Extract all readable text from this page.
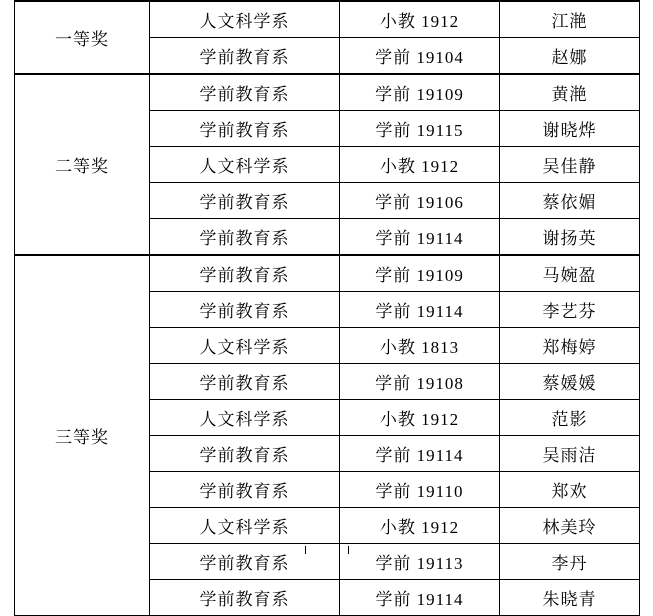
一等奖	人文科学系	小教 1912	江滟
	学前教育系	学前 19104	赵娜
二等奖	学前教育系	学前 19109	黄滟
	学前教育系	学前 19115	谢晓烨
	人文科学系	小教 1912	吴佳静
	学前教育系	学前 19106	蔡依媚
	学前教育系	学前 19114	谢扬英
三等奖	学前教育系	学前 19109	马婉盈
	学前教育系	学前 19114	李艺芬
	人文科学系	小教 1813	郑梅婷
	学前教育系	学前 19108	蔡媛媛
	人文科学系	小教 1912	范影
	学前教育系	学前 19114	吴雨洁
	学前教育系	学前 19110	郑欢
	人文科学系	小教 1912	林美玲
	学前教育系	学前 19113	李丹
	学前教育系	学前 19114	朱晓青
